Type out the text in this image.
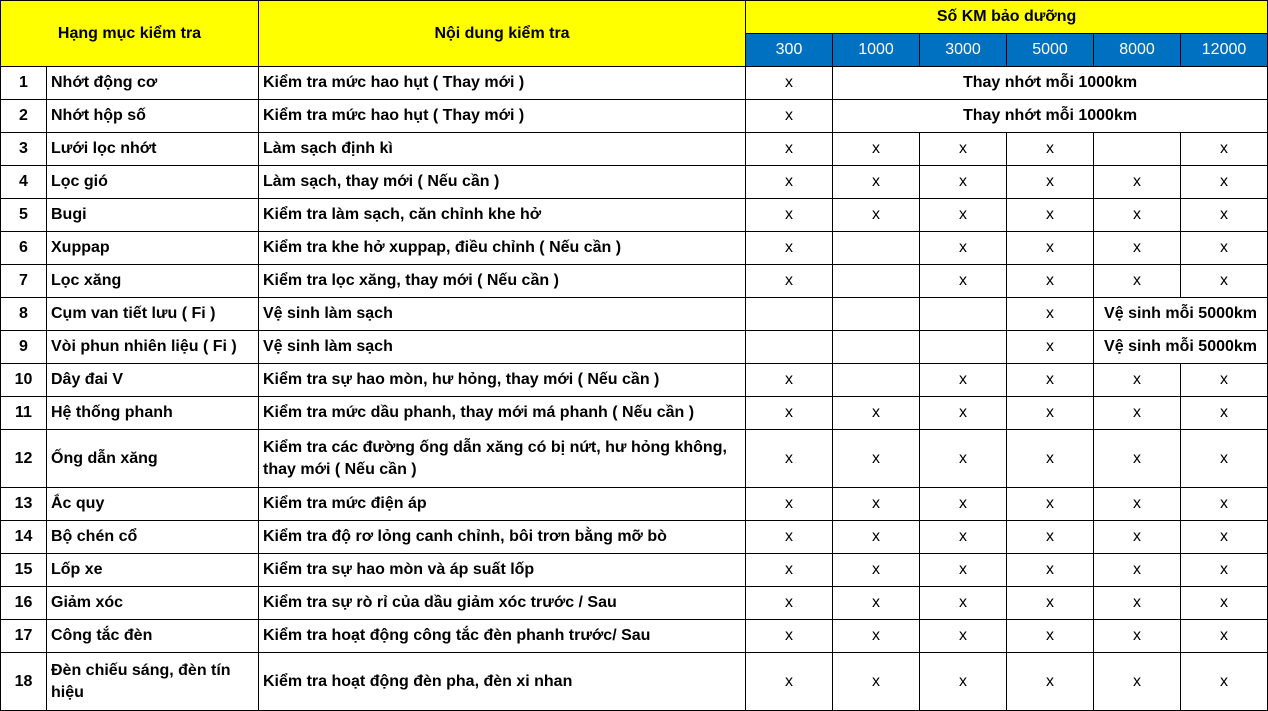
Hạng mục kiểm tra		Nội dung kiểm tra	Số KM bảo dưỡng					
			300	1000	3000	5000	8000	12000
1	Nhớt động cơ	Kiểm tra mức hao hụt ( Thay mới )	x	Thay nhớt mỗi 1000km				
2	Nhớt hộp số	Kiểm tra mức hao hụt ( Thay mới )	x	Thay nhớt mỗi 1000km				
3	Lưới lọc nhớt	Làm sạch định kì	x	x	x	x		x
4	Lọc gió	Làm sạch, thay mới ( Nếu cần )	x	x	x	x	x	x
5	Bugi	Kiểm tra làm sạch, căn chỉnh khe hở	x	x	x	x	x	x
6	Xuppap	Kiểm tra khe hở xuppap, điều chỉnh ( Nếu cần )	x		x	x	x	x
7	Lọc xăng	Kiểm tra lọc xăng, thay mới ( Nếu cần )	x		x	x	x	x
8	Cụm van tiết lưu ( Fi )	Vệ sinh làm sạch				x	Vệ sinh mỗi 5000km	
9	Vòi phun nhiên liệu ( Fi )	Vệ sinh làm sạch				x	Vệ sinh mỗi 5000km	
10	Dây đai V	Kiểm tra sự hao mòn, hư hỏng, thay mới ( Nếu cần )	x		x	x	x	x
11	Hệ thống phanh	Kiểm tra mức dầu phanh, thay mới má phanh ( Nếu cần )	x	x	x	x	x	x
12	Ống dẫn xăng	Kiểm tra các đường ống dẫn xăng có bị nứt, hư hỏng không, thay mới ( Nếu cần )	x	x	x	x	x	x
13	Ắc quy	Kiểm tra mức điện áp	x	x	x	x	x	x
14	Bộ chén cổ	Kiểm tra độ rơ lỏng canh chỉnh, bôi trơn bằng mỡ bò	x	x	x	x	x	x
15	Lốp xe	Kiểm tra sự hao mòn và áp suất lốp	x	x	x	x	x	x
16	Giảm xóc	Kiểm tra sự rò rỉ của dầu giảm xóc trước / Sau	x	x	x	x	x	x
17	Công tắc đèn	Kiểm tra hoạt động công tắc đèn phanh trước/ Sau	x	x	x	x	x	x
18	Đèn chiếu sáng, đèn tín hiệu	Kiểm tra hoạt động đèn pha, đèn xi nhan	x	x	x	x	x	x
